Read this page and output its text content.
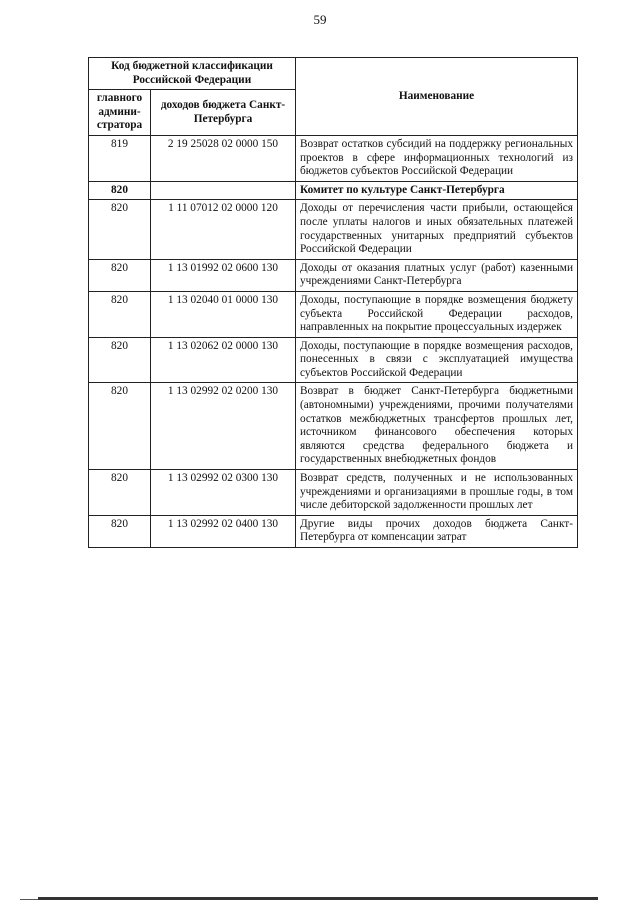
59
Код бюджетной классификации Российской Федерации		Наименование
главного админи-стратора	доходов бюджета Санкт-Петербурга	
819	2 19 25028 02 0000 150	Возврат остатков субсидий на поддержку региональных проектов в сфере информационных технологий из бюджетов субъектов Российской Федерации
820		Комитет по культуре Санкт-Петербурга
820	1 11 07012 02 0000 120	Доходы от перечисления части прибыли, остающейся после уплаты налогов и иных обязательных платежей государственных унитарных предприятий субъектов Российской Федерации
820	1 13 01992 02 0600 130	Доходы от оказания платных услуг (работ) казенными учреждениями Санкт-Петербурга
820	1 13 02040 01 0000 130	Доходы, поступающие в порядке возмещения бюджету субъекта Российской Федерации расходов, направленных на покрытие процессуальных издержек
820	1 13 02062 02 0000 130	Доходы, поступающие в порядке возмещения расходов, понесенных в связи с эксплуатацией имущества субъектов Российской Федерации
820	1 13 02992 02 0200 130	Возврат в бюджет Санкт-Петербурга бюджетными (автономными) учреждениями, прочими получателями остатков межбюджетных трансфертов прошлых лет, источником финансового обеспечения которых являются средства федерального бюджета и государственных внебюджетных фондов
820	1 13 02992 02 0300 130	Возврат средств, полученных и не использованных учреждениями и организациями в прошлые годы, в том числе дебиторской задолженности прошлых лет
820	1 13 02992 02 0400 130	Другие виды прочих доходов бюджета Санкт-Петербурга от компенсации затрат
